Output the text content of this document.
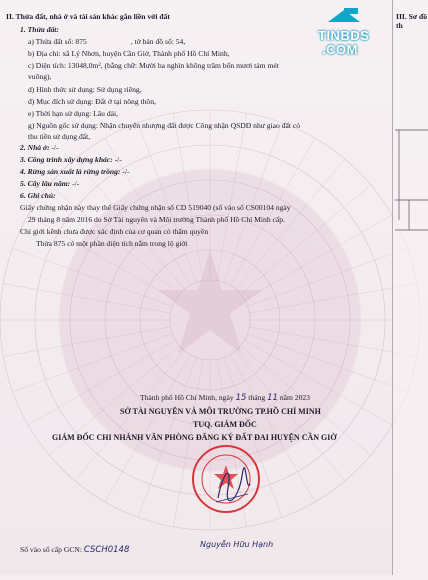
TINBDS
.COM
II. Thửa đất, nhà ở và tài sản khác gắn liền với đất	III. Sơ đồ th
1. Thửa đất:
a) Thửa đất số: 875	, tờ bản đồ số: 54,
b) Địa chỉ: xã Lý Nhơn, huyện Cần Giờ, Thành phố Hồ Chí Minh,
c) Diện tích: 13048,0m², (bằng chữ: Mười ba nghìn không trăm bốn mươi tám mét
vuông),
d) Hình thức sử dụng: Sử dụng riêng,
đ) Mục đích sử dụng: Đất ở tại nông thôn,
e) Thời hạn sử dụng: Lâu dài,
g) Nguồn gốc sử dụng: Nhận chuyển nhượng đất được Công nhận QSDĐ như giao đất có
thu tiền sử dụng đất,
2. Nhà ở: -/-
3. Công trình xây dựng khác: -/-
4. Rừng sản xuất là rừng trồng: -/-
5. Cây lâu năm: -/-
6. Ghi chú:
Giấy chứng nhận này thay thế Giấy chứng nhận số CD 519040 (số vào sổ CS00104 ngày
29 tháng 8 năm 2016 do Sở Tài nguyên và Môi trường Thành phố Hồ Chí Minh cấp.
Chỉ giới kênh chưa được xác định của cơ quan có thẩm quyền
Thửa 875 có một phần diện tích nằm trong lộ giới
Thành phố Hồ Chí Minh, ngày 15 tháng 11 năm 2023
SỞ TÀI NGUYÊN VÀ MÔI TRƯỜNG TP.HỒ CHÍ MINH
TUQ. GIÁM ĐỐC
GIÁM ĐỐC CHI NHÁNH VĂN PHÒNG ĐĂNG KÝ ĐẤT ĐAI HUYỆN CẦN GIỜ
Nguyễn Hữu Hạnh
Số vào sổ cấp GCN: CSCH0148
